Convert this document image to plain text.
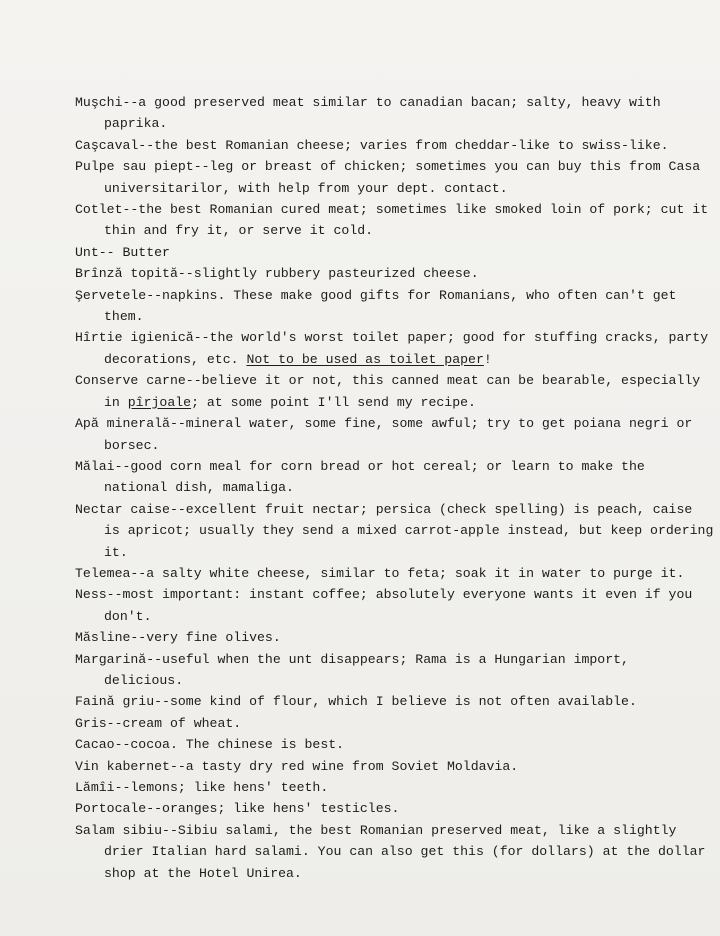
Muşchi--a good preserved meat similar to canadian bacan; salty, heavy with paprika.

Caşcaval--the best Romanian cheese; varies from cheddar-like to swiss-like.

Pulpe sau piept--leg or breast of chicken; sometimes you can buy this from Casa universitarilor, with help from your dept. contact.

Cotlet--the best Romanian cured meat; sometimes like smoked loin of pork; cut it thin and fry it, or serve it cold.

Unt-- Butter

Brînză topită--slightly rubbery pasteurized cheese.

Şervetele--napkins. These make good gifts for Romanians, who often can't get them.

Hîrtie igienică--the world's worst toilet paper; good for stuffing cracks, party decorations, etc. Not to be used as toilet paper!

Conserve carne--believe it or not, this canned meat can be bearable, especially in pîrjoale; at some point I'll send my recipe.

Apă minerală--mineral water, some fine, some awful; try to get poiana negri or borsec.

Mălai--good corn meal for corn bread or hot cereal; or learn to make the national dish, mamaliga.

Nectar caise--excellent fruit nectar; persica (check spelling) is peach, caise is apricot; usually they send a mixed carrot-apple instead, but keep ordering it.

Telemea--a salty white cheese, similar to feta; soak it in water to purge it.

Ness--most important: instant coffee; absolutely everyone wants it even if you don't.

Măsline--very fine olives.

Margarină--useful when the unt disappears; Rama is a Hungarian import, delicious.

Fainǎ griu--some kind of flour, which I believe is not often available.

Gris--cream of wheat.

Cacao--cocoa. The chinese is best.

Vin kabernet--a tasty dry red wine from Soviet Moldavia.

Lămîi--lemons; like hens' teeth.

Portocale--oranges; like hens' testicles.

Salam sibiu--Sibiu salami, the best Romanian preserved meat, like a slightly drier Italian hard salami. You can also get this (for dollars) at the dollar shop at the Hotel Unirea.
